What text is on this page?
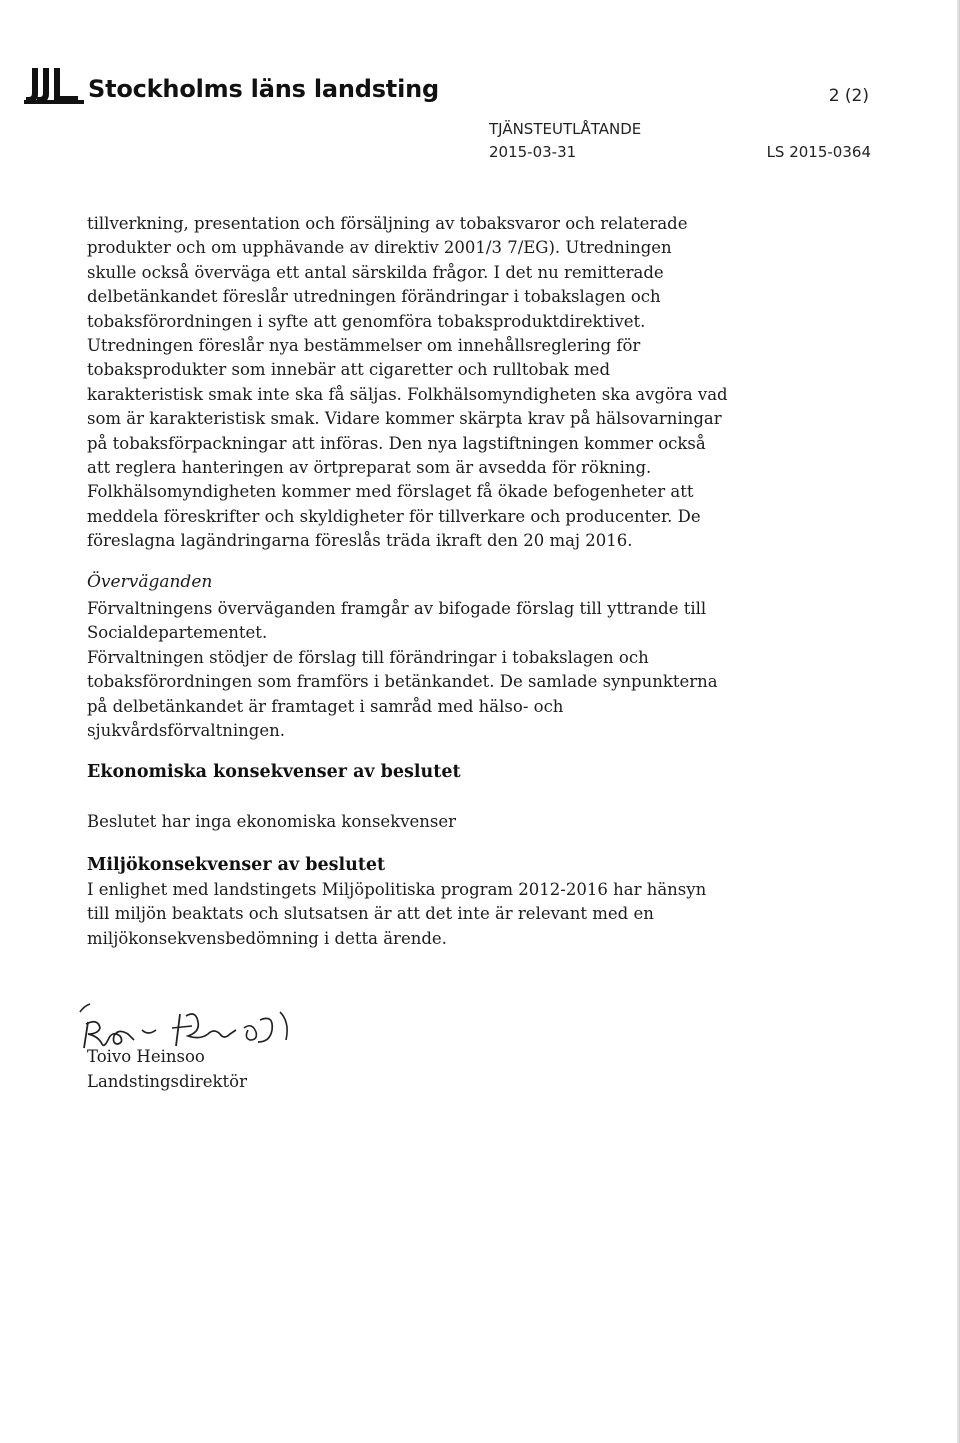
Stockholms läns landsting	2 (2)
TJÄNSTEUTLÅTANDE
2015-03-31	LS 2015-0364
tillverkning, presentation och försäljning av tobaksvaror och relaterade
produkter och om upphävande av direktiv 2001/3 7/EG). Utredningen
skulle också överväga ett antal särskilda frågor. I det nu remitterade
delbetänkandet föreslår utredningen förändringar i tobakslagen och
tobaksförordningen i syfte att genomföra tobaksproduktdirektivet.
Utredningen föreslår nya bestämmelser om innehållsreglering för
tobaksprodukter som innebär att cigaretter och rulltobak med
karakteristisk smak inte ska få säljas. Folkhälsomyndigheten ska avgöra vad
som är karakteristisk smak. Vidare kommer skärpta krav på hälsovarningar
på tobaksförpackningar att införas. Den nya lagstiftningen kommer också
att reglera hanteringen av örtpreparat som är avsedda för rökning.
Folkhälsomyndigheten kommer med förslaget få ökade befogenheter att
meddela föreskrifter och skyldigheter för tillverkare och producenter. De
föreslagna lagändringarna föreslås träda ikraft den 20 maj 2016.
Överväganden
Förvaltningens överväganden framgår av bifogade förslag till yttrande till
Socialdepartementet.
Förvaltningen stödjer de förslag till förändringar i tobakslagen och
tobaksförordningen som framförs i betänkandet. De samlade synpunkterna
på delbetänkandet är framtaget i samråd med hälso- och
sjukvårdsförvaltningen.
Ekonomiska konsekvenser av beslutet
Beslutet har inga ekonomiska konsekvenser
Miljökonsekvenser av beslutet
I enlighet med landstingets Miljöpolitiska program 2012-2016 har hänsyn
till miljön beaktats och slutsatsen är att det inte är relevant med en
miljökonsekvensbedömning i detta ärende.
Toivo Heinsoo
Landstingsdirektör
